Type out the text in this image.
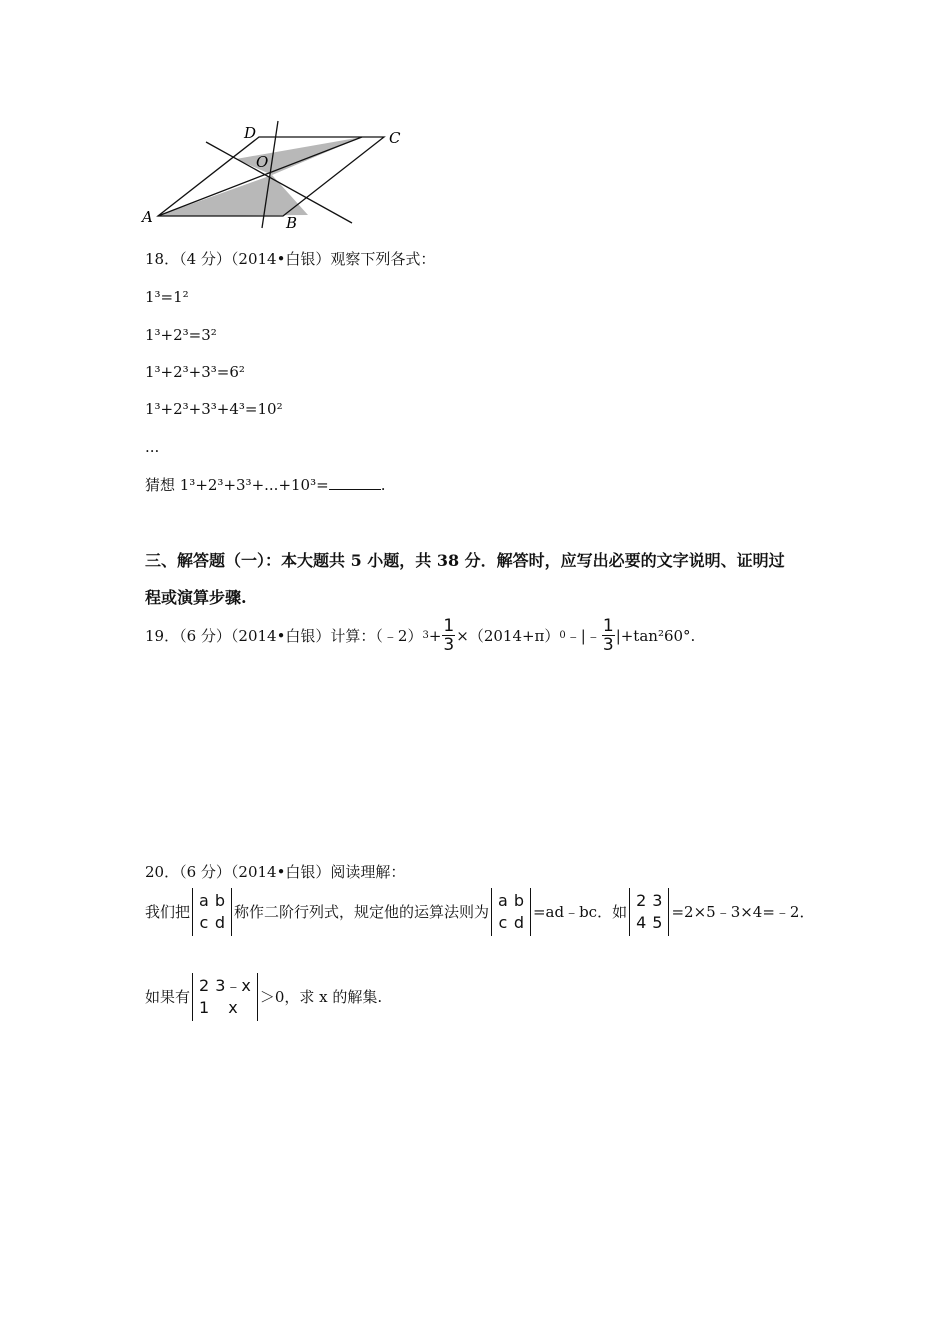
D	C
O
A	B
18．（4 分）（2014•白银）观察下列各式：
1³=1²
1³+2³=3²
1³+2³+3³=6²
1³+2³+3³+4³=10²
...
猜想 1³+2³+3³+...+10³=	.
三、解答题（一）：本大题共 5 小题，共 38 分．解答时，应写出必要的文字说明、证明过
程或演算步骤.
19．（6 分）（2014•白银）计算：（﹣2） $3 + \frac{1}{3} \times(2014+\pi)$ 0 ﹣|﹣ $\frac{1}{3} |+\tan^260^\circ$.
20．（6 分）（2014•白银）阅读理解：
我们把
a	b
c	d
称作二阶行列式，规定他的运算法则为
a	b
c	d
=ad﹣bc．如
2	3
4	5
=2×5﹣3×4=﹣2．
如果有
2	3﹣x
1	x
＞0，求 x 的解集.
